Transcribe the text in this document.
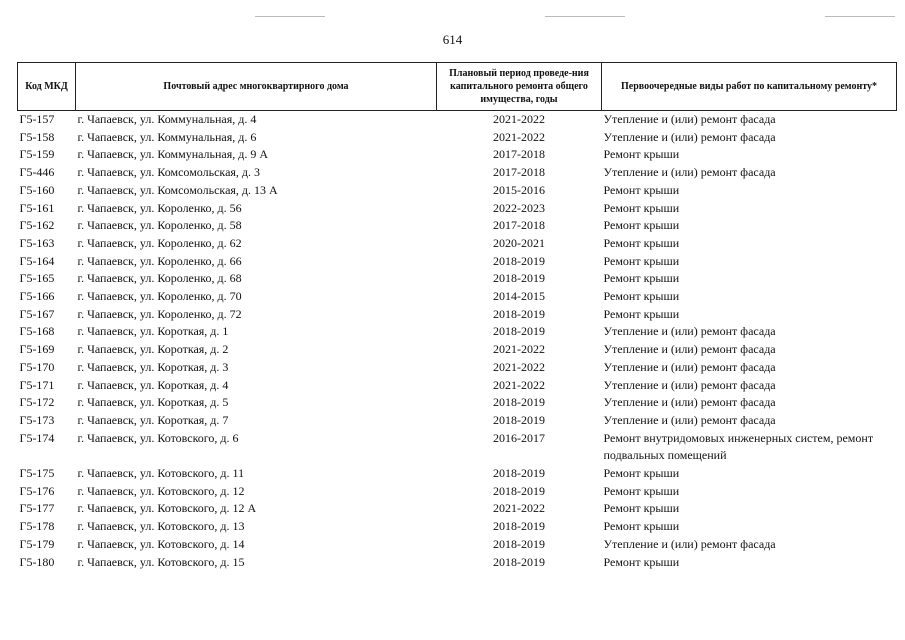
614
Код МКД	Почтовый адрес многоквартирного дома	Плановый период проведе-ния капитального ремонта общего имущества, годы	Первоочередные виды работ по капитальному ремонту*
Г5-157	г. Чапаевск, ул. Коммунальная, д. 4	2021-2022	Утепление и (или) ремонт фасада
Г5-158	г. Чапаевск, ул. Коммунальная, д. 6	2021-2022	Утепление и (или) ремонт фасада
Г5-159	г. Чапаевск, ул. Коммунальная, д. 9 А	2017-2018	Ремонт крыши
Г5-446	г. Чапаевск, ул. Комсомольская, д. 3	2017-2018	Утепление и (или) ремонт фасада
Г5-160	г. Чапаевск, ул. Комсомольская, д. 13 А	2015-2016	Ремонт крыши
Г5-161	г. Чапаевск, ул. Короленко, д. 56	2022-2023	Ремонт крыши
Г5-162	г. Чапаевск, ул. Короленко, д. 58	2017-2018	Ремонт крыши
Г5-163	г. Чапаевск, ул. Короленко, д. 62	2020-2021	Ремонт крыши
Г5-164	г. Чапаевск, ул. Короленко, д. 66	2018-2019	Ремонт крыши
Г5-165	г. Чапаевск, ул. Короленко, д. 68	2018-2019	Ремонт крыши
Г5-166	г. Чапаевск, ул. Короленко, д. 70	2014-2015	Ремонт крыши
Г5-167	г. Чапаевск, ул. Короленко, д. 72	2018-2019	Ремонт крыши
Г5-168	г. Чапаевск, ул. Короткая, д. 1	2018-2019	Утепление и (или) ремонт фасада
Г5-169	г. Чапаевск, ул. Короткая, д. 2	2021-2022	Утепление и (или) ремонт фасада
Г5-170	г. Чапаевск, ул. Короткая, д. 3	2021-2022	Утепление и (или) ремонт фасада
Г5-171	г. Чапаевск, ул. Короткая, д. 4	2021-2022	Утепление и (или) ремонт фасада
Г5-172	г. Чапаевск, ул. Короткая, д. 5	2018-2019	Утепление и (или) ремонт фасада
Г5-173	г. Чапаевск, ул. Короткая, д. 7	2018-2019	Утепление и (или) ремонт фасада
Г5-174	г. Чапаевск, ул. Котовского, д. 6	2016-2017	Ремонт внутридомовых инженерных систем, ремонт подвальных помещений
Г5-175	г. Чапаевск, ул. Котовского, д. 11	2018-2019	Ремонт крыши
Г5-176	г. Чапаевск, ул. Котовского, д. 12	2018-2019	Ремонт крыши
Г5-177	г. Чапаевск, ул. Котовского, д. 12 А	2021-2022	Ремонт крыши
Г5-178	г. Чапаевск, ул. Котовского, д. 13	2018-2019	Ремонт крыши
Г5-179	г. Чапаевск, ул. Котовского, д. 14	2018-2019	Утепление и (или) ремонт фасада
Г5-180	г. Чапаевск, ул. Котовского, д. 15	2018-2019	Ремонт крыши
